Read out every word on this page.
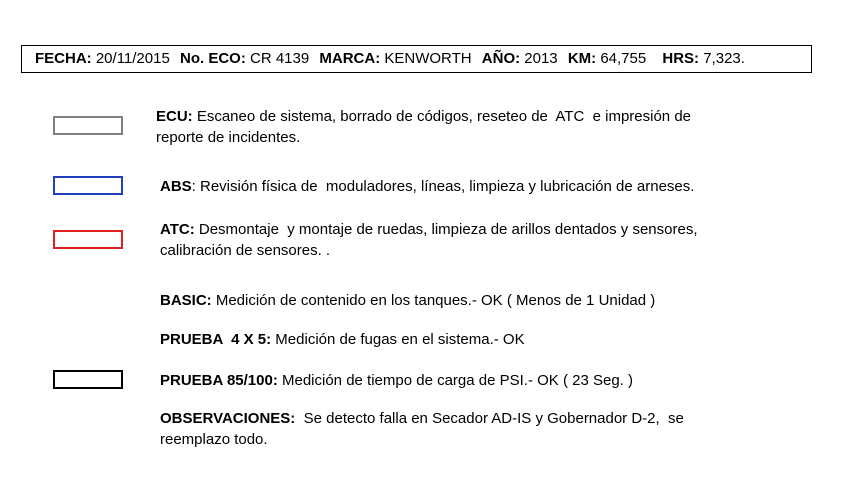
FECHA: 20/11/2015 No. ECO: CR 4139 MARCA: KENWORTH AÑO: 2013 KM: 64,755 HRS: 7,323.
ECU: Escaneo de sistema, borrado de códigos, reseteo de  ATC  e impresión de
reporte de incidentes.
ABS: Revisión física de  moduladores, líneas, limpieza y lubricación de arneses.
ATC: Desmontaje  y montaje de ruedas, limpieza de arillos dentados y sensores,
calibración de sensores. .
BASIC: Medición de contenido en los tanques.- OK ( Menos de 1 Unidad )
PRUEBA  4 X 5: Medición de fugas en el sistema.- OK
PRUEBA 85/100: Medición de tiempo de carga de PSI.- OK ( 23 Seg. )
OBSERVACIONES:  Se detecto falla en Secador AD-IS y Gobernador D-2,  se
reemplazo todo.
